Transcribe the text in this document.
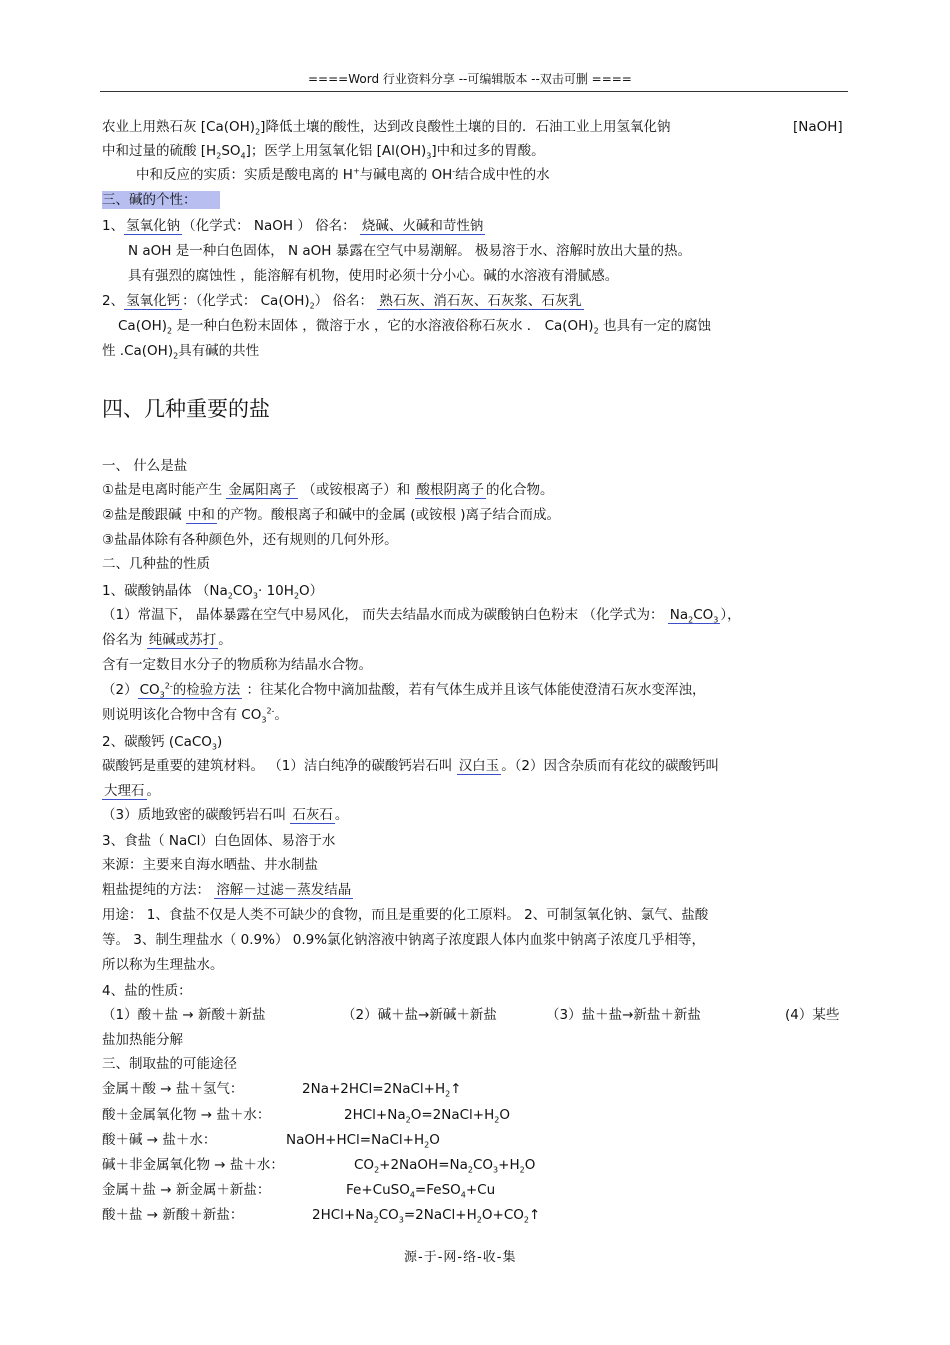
====Word 行业资料分享 --可编辑版本 --双击可删 ====
农业上用熟石灰 $[Ca(OH)_2]$降低土壤的酸性，达到改良酸性土壤的目的．石油工业上用氢氧化钠	[NaOH]
中和过量的硫酸 $[H_2SO_4]$；医学上用氢氧化铝 $[Al(OH)_3]$中和过多的胃酸。
中和反应的实质：实质是酸电离的 H+与碱电离的 OH-结合成中性的水
三、碱的个性：
1、 氢氧化钠 （化学式： NaOH ） 俗名： 烧碱、火碱和苛性钠
N aOH 是一种白色固体， N aOH 暴露在空气中易潮解。 极易溶于水、溶解时放出大量的热。
具有强烈的腐蚀性 ，能溶解有机物，使用时必须十分小心。碱的水溶液有滑腻感。
2、 氢氧化钙 ：（化学式： $Ca(OH)_2$） 俗名： 熟石灰、消石灰、石灰浆、石灰乳
$Ca(OH)_2$ 是一种白色粉末固体 ，微溶于水 ，它的水溶液俗称石灰水 ． $Ca(OH)_2$ 也具有一定的腐蚀
性 $.Ca(OH)_2$具有碱的共性
四、几种重要的盐
一、 什么是盐
①盐是电离时能产生 金属阳离子 （或铵根离子）和 酸根阴离子 的化合物。
②盐是酸跟碱 中和 的产物。酸根离子和碱中的金属 (或铵根 )离子结合而成。
③盐晶体除有各种颜色外，还有规则的几何外形。
二、几种盐的性质
1、碳酸钠晶体 $(Na_2CO_3\cdot 10H_2O)$
（1）常温下， 晶体暴露在空气中易风化， 而失去结晶水而成为碳酸钠白色粉末 （化学式为： $Na_2CO_3$ ），
俗名为 纯碱或苏打 。
含有一定数目水分子的物质称为结晶水合物。
（2） $CO_3^{2-}$的检验方法 ：往某化合物中滴加盐酸，若有气体生成并且该气体能使澄清石灰水变浑浊，
则说明该化合物中含有 $CO_3^{2-}$。
2、碳酸钙 (CaCO$_3$)
碳酸钙是重要的建筑材料。 （1）洁白纯净的碳酸钙岩石叫 汉白玉 。（2）因含杂质而有花纹的碳酸钙叫
大理石 。
（3）质地致密的碳酸钙岩石叫 石灰石 。
3、食盐（ NaCl）白色固体、易溶于水
来源：主要来自海水晒盐、井水制盐
粗盐提纯的方法： 溶解－过滤－蒸发结晶
用途： 1、食盐不仅是人类不可缺少的食物，而且是重要的化工原料。 2、可制氢氧化钠、氯气、盐酸
等。 3、制生理盐水（ 0.9%） 0.9%氯化钠溶液中钠离子浓度跟人体内血浆中钠离子浓度几乎相等，
所以称为生理盐水。
4、盐的性质：
（1）酸＋盐 → 新酸＋新盐	（2）碱＋盐→新碱＋新盐	（3）盐＋盐→新盐＋新盐	(4）某些
盐加热能分解
三、制取盐的可能途径
金属＋酸 → 盐＋氢气：	$2Na+2HCl=2NaCl+H_2↑$
酸＋金属氧化物 → 盐＋水：	$2HCl+Na_2O=2NaCl+H_2O$
酸＋碱 → 盐＋水：	$NaOH+HCl=NaCl+H_2O$
碱＋非金属氧化物 → 盐＋水：	$CO_2+2NaOH=Na_2CO_3+H_2O$
金属＋盐 → 新金属＋新盐：	Fe+CuSO$_4$=FeSO$_4$+Cu
酸＋盐 → 新酸＋新盐：	$2HCl+Na_2CO_3=2NaCl+H_2O+CO_2↑$
源-于-网-络-收-集
